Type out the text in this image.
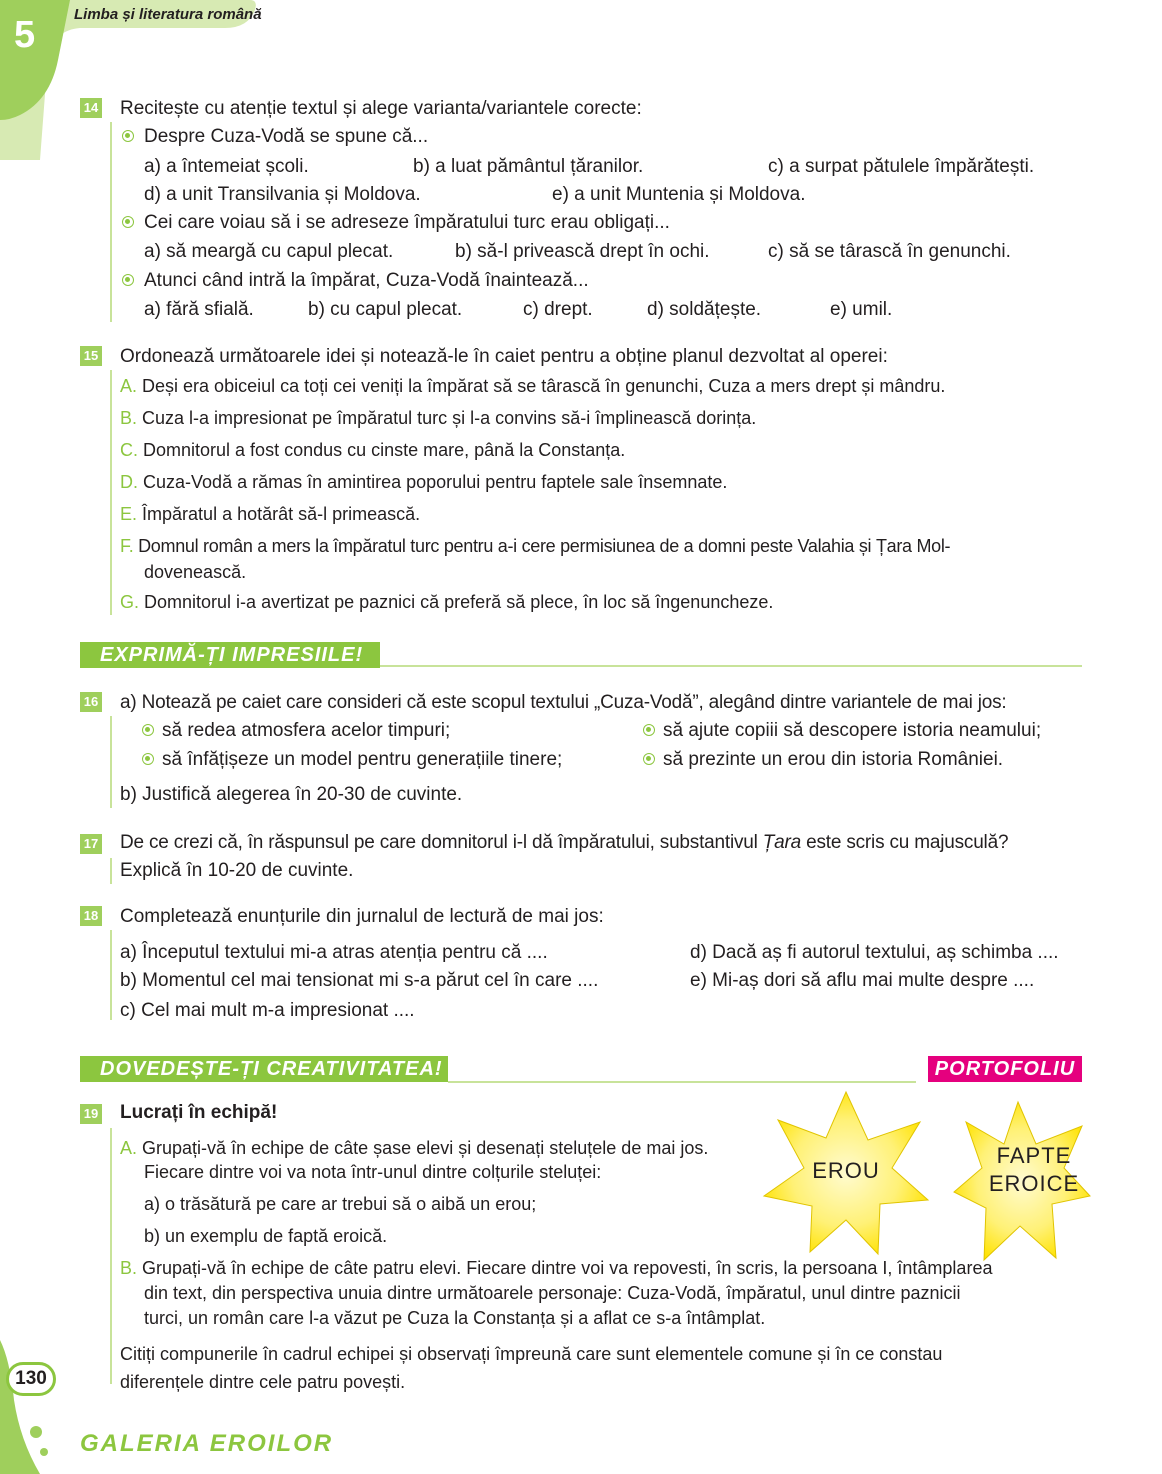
5	Limba și literatura română
14 Recitește cu atenție textul și alege varianta/variantele corecte:
Despre Cuza-Vodă se spune că...
a) a întemeiat școli.	b) a luat pământul țăranilor.	c) a surpat pătulele împărătești.
d) a unit Transilvania și Moldova.	e) a unit Muntenia și Moldova.
Cei care voiau să i se adreseze împăratului turc erau obligați...
a) să meargă cu capul plecat.	b) să-l privească drept în ochi.	c) să se târască în genunchi.
Atunci când intră la împărat, Cuza-Vodă înaintează...
a) fără sfială.	b) cu capul plecat.	c) drept.	d) soldățește.	e) umil.
15 Ordonează următoarele idei și notează-le în caiet pentru a obține planul dezvoltat al operei:
A. Deși era obiceiul ca toți cei veniți la împărat să se târască în genunchi, Cuza a mers drept și mândru.
B. Cuza l-a impresionat pe împăratul turc și l-a convins să-i împlinească dorința.
C. Domnitorul a fost condus cu cinste mare, până la Constanța.
D. Cuza-Vodă a rămas în amintirea poporului pentru faptele sale însemnate.
E. Împăratul a hotărât să-l primească.
F. Domnul român a mers la împăratul turc pentru a-i cere permisiunea de a domni peste Valahia și Țara Mol-
dovenească.
G. Domnitorul i-a avertizat pe paznici că preferă să plece, în loc să îngenuncheze.
EXPRIMĂ-ȚI IMPRESIILE!
16 a) Notează pe caiet care consideri că este scopul textului „Cuza-Vodă”, alegând dintre variantele de mai jos:
să redea atmosfera acelor timpuri;	să ajute copiii să descopere istoria neamului;
să înfățișeze un model pentru generațiile tinere;	să prezinte un erou din istoria României.
b) Justifică alegerea în 20-30 de cuvinte.
17 De ce crezi că, în răspunsul pe care domnitorul i-l dă împăratului, substantivul Țara este scris cu majusculă?
Explică în 10-20 de cuvinte.
18 Completează enunțurile din jurnalul de lectură de mai jos:
a) Începutul textului mi-a atras atenția pentru că ....	d) Dacă aș fi autorul textului, aș schimba ....
b) Momentul cel mai tensionat mi s-a părut cel în care ....	e) Mi-aș dori să aflu mai multe despre ....
c) Cel mai mult m-a impresionat ....
DOVEDEȘTE-ȚI CREATIVITATEA!	PORTOFOLIU
19 Lucrați în echipă!
A. Grupați-vă în echipe de câte șase elevi și desenați steluțele de mai jos.
Fiecare dintre voi va nota într-unul dintre colțurile steluței:
a) o trăsătură pe care ar trebui să o aibă un erou;
b) un exemplu de faptă eroică.
B. Grupați-vă în echipe de câte patru elevi. Fiecare dintre voi va repovesti, în scris, la persoana I, întâmplarea
din text, din perspectiva unuia dintre următoarele personaje: Cuza-Vodă, împăratul, unul dintre paznicii
turci, un român care l-a văzut pe Cuza la Constanța și a aflat ce s-a întâmplat.
Citiți compunerile în cadrul echipei și observați împreună care sunt elementele comune și în ce constau
diferențele dintre cele patru povești.
EROU
FAPTE
EROICE
130
GALERIA EROILOR
